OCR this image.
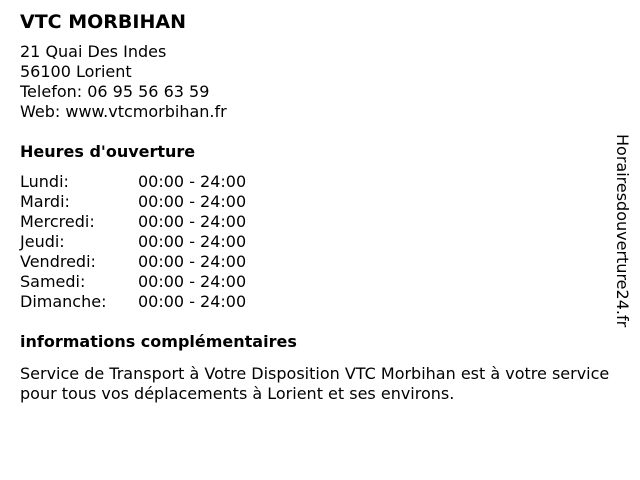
VTC MORBIHAN
21 Quai Des Indes
56100 Lorient
Telefon: 06 95 56 63 59
Web: www.vtcmorbihan.fr
Heures d'ouverture
Lundi:	00:00 - 24:00
Mardi:	00:00 - 24:00
Mercredi:	00:00 - 24:00
Jeudi:	00:00 - 24:00
Vendredi:	00:00 - 24:00
Samedi:	00:00 - 24:00
Dimanche:	00:00 - 24:00
informations complémentaires
Service de Transport à Votre Disposition VTC Morbihan est à votre service pour tous vos déplacements à Lorient et ses environs.
Horairesdouverture24.fr
